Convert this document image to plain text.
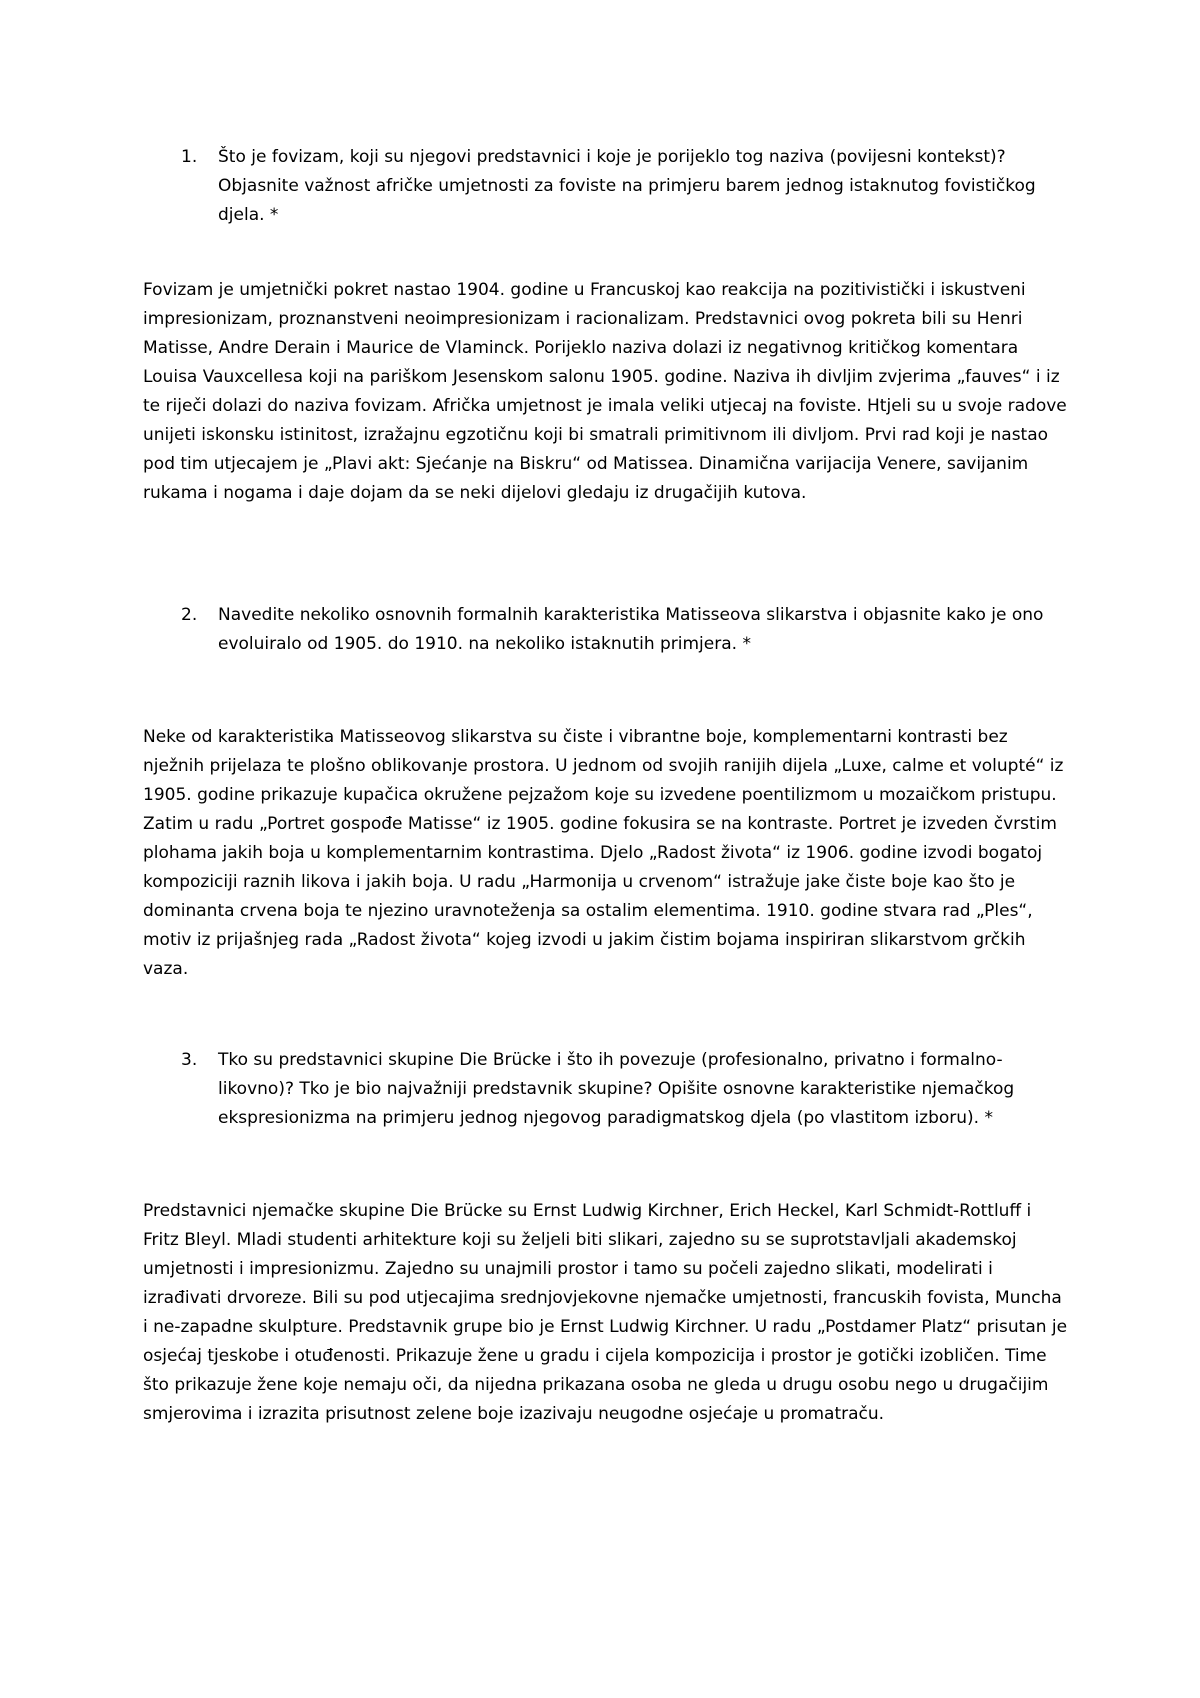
1.	Što je fovizam, koji su njegovi predstavnici i koje je porijeklo tog naziva (povijesni kontekst)? Objasnite važnost afričke umjetnosti za foviste na primjeru barem jednog istaknutog fovističkog djela. *

Fovizam je umjetnički pokret nastao 1904. godine u Francuskoj kao reakcija na pozitivistički i iskustveni impresionizam, proznanstveni neoimpresionizam i racionalizam. Predstavnici ovog pokreta bili su Henri Matisse, Andre Derain i Maurice de Vlaminck. Porijeklo naziva dolazi iz negativnog kritičkog komentara Louisa Vauxcellesa koji na pariškom Jesenskom salonu 1905. godine. Naziva ih divljim zvjerima „fauves“ i iz te riječi dolazi do naziva fovizam. Afrička umjetnost je imala veliki utjecaj na foviste. Htjeli su u svoje radove unijeti iskonsku istinitost, izražajnu egzotičnu koji bi smatrali primitivnom ili divljom. Prvi rad koji je nastao pod tim utjecajem je „Plavi akt: Sjećanje na Biskru“ od Matissea. Dinamična varijacija Venere, savijanim rukama i nogama i daje dojam da se neki dijelovi gledaju iz drugačijih kutova.

2.	Navedite nekoliko osnovnih formalnih karakteristika Matisseova slikarstva i objasnite kako je ono evoluiralo od 1905. do 1910. na nekoliko istaknutih primjera. *

Neke od karakteristika Matisseovog slikarstva su čiste i vibrantne boje, komplementarni kontrasti bez nježnih prijelaza te plošno oblikovanje prostora. U jednom od svojih ranijih dijela „Luxe, calme et volupté“ iz 1905. godine prikazuje kupačica okružene pejzažom koje su izvedene poentilizmom u mozaičkom pristupu. Zatim u radu „Portret gospođe Matisse“ iz 1905. godine fokusira se na kontraste. Portret je izveden čvrstim plohama jakih boja u komplementarnim kontrastima. Djelo „Radost života“ iz 1906. godine izvodi bogatoj kompoziciji raznih likova i jakih boja. U radu „Harmonija u crvenom“ istražuje jake čiste boje kao što je dominanta crvena boja te njezino uravnoteženja sa ostalim elementima. 1910. godine stvara rad „Ples“, motiv iz prijašnjeg rada „Radost života“ kojeg izvodi u jakim čistim bojama inspiriran slikarstvom grčkih vaza.

3.	Tko su predstavnici skupine Die Brücke i što ih povezuje (profesionalno, privatno i formalno-likovno)? Tko je bio najvažniji predstavnik skupine? Opišite osnovne karakteristike njemačkog ekspresionizma na primjeru jednog njegovog paradigmatskog djela (po vlastitom izboru). *

Predstavnici njemačke skupine Die Brücke su Ernst Ludwig Kirchner, Erich Heckel, Karl Schmidt-Rottluff i Fritz Bleyl. Mladi studenti arhitekture koji su željeli biti slikari, zajedno su se suprotstavljali akademskoj umjetnosti i impresionizmu. Zajedno su unajmili prostor i tamo su počeli zajedno slikati, modelirati i izrađivati drvoreze. Bili su pod utjecajima srednjovjekovne njemačke umjetnosti, francuskih fovista, Muncha i ne-zapadne skulpture. Predstavnik grupe bio je Ernst Ludwig Kirchner. U radu „Postdamer Platz“ prisutan je osjećaj tjeskobe i otuđenosti. Prikazuje žene u gradu i cijela kompozicija i prostor je gotički izobličen. Time što prikazuje žene koje nemaju oči, da nijedna prikazana osoba ne gleda u drugu osobu nego u drugačijim smjerovima i izrazita prisutnost zelene boje izazivaju neugodne osjećaje u promatraču.
